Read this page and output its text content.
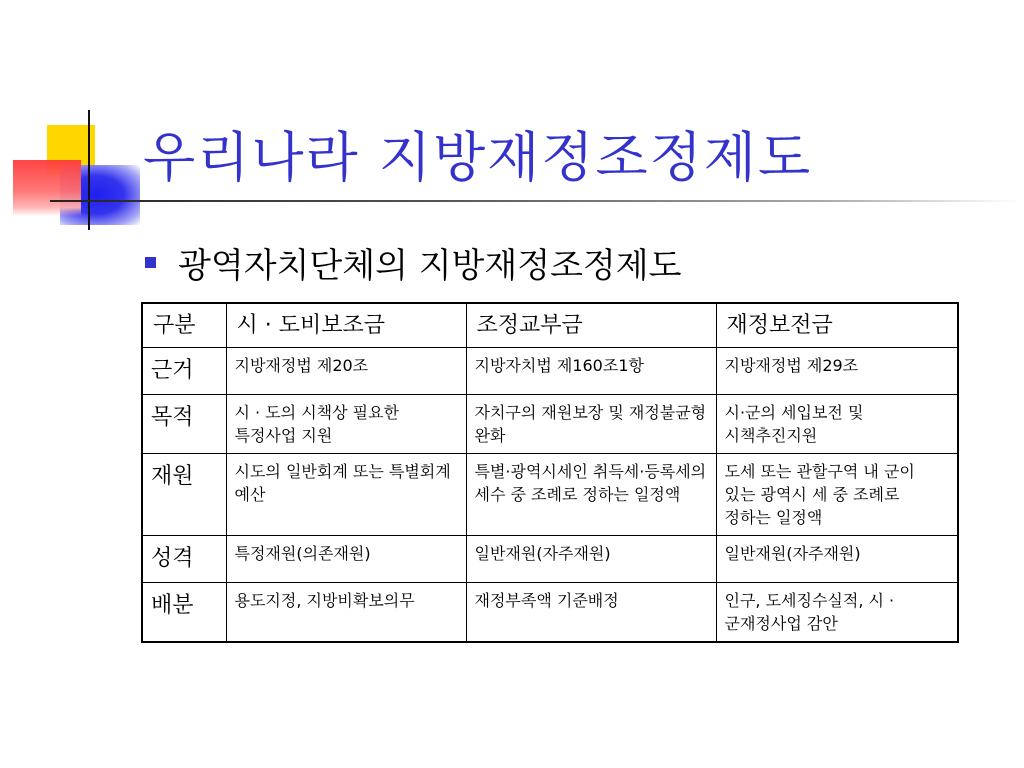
우리나라 지방재정조정제도
광역자치단체의 지방재정조정제도
구분	시 · 도비보조금	조정교부금	재정보전금
근거	지방재정법 제20조	지방자치법 제160조1항	지방재정법 제29조
목적	시 · 도의 시책상 필요한 특정사업 지원	자치구의 재원보장 및 재정불균형 완화	시·군의 세입보전 및 시책추진지원
재원	시도의 일반회계 또는 특별회계 예산	특별·광역시세인 취득세·등록세의 세수 중 조례로 정하는 일정액	도세 또는 관할구역 내 군이 있는 광역시 세 중 조례로 정하는 일정액
성격	특정재원(의존재원)	일반재원(자주재원)	일반재원(자주재원)
배분	용도지정, 지방비확보의무	재정부족액 기준배정	인구, 도세징수실적, 시 · 군재정사업 감안
